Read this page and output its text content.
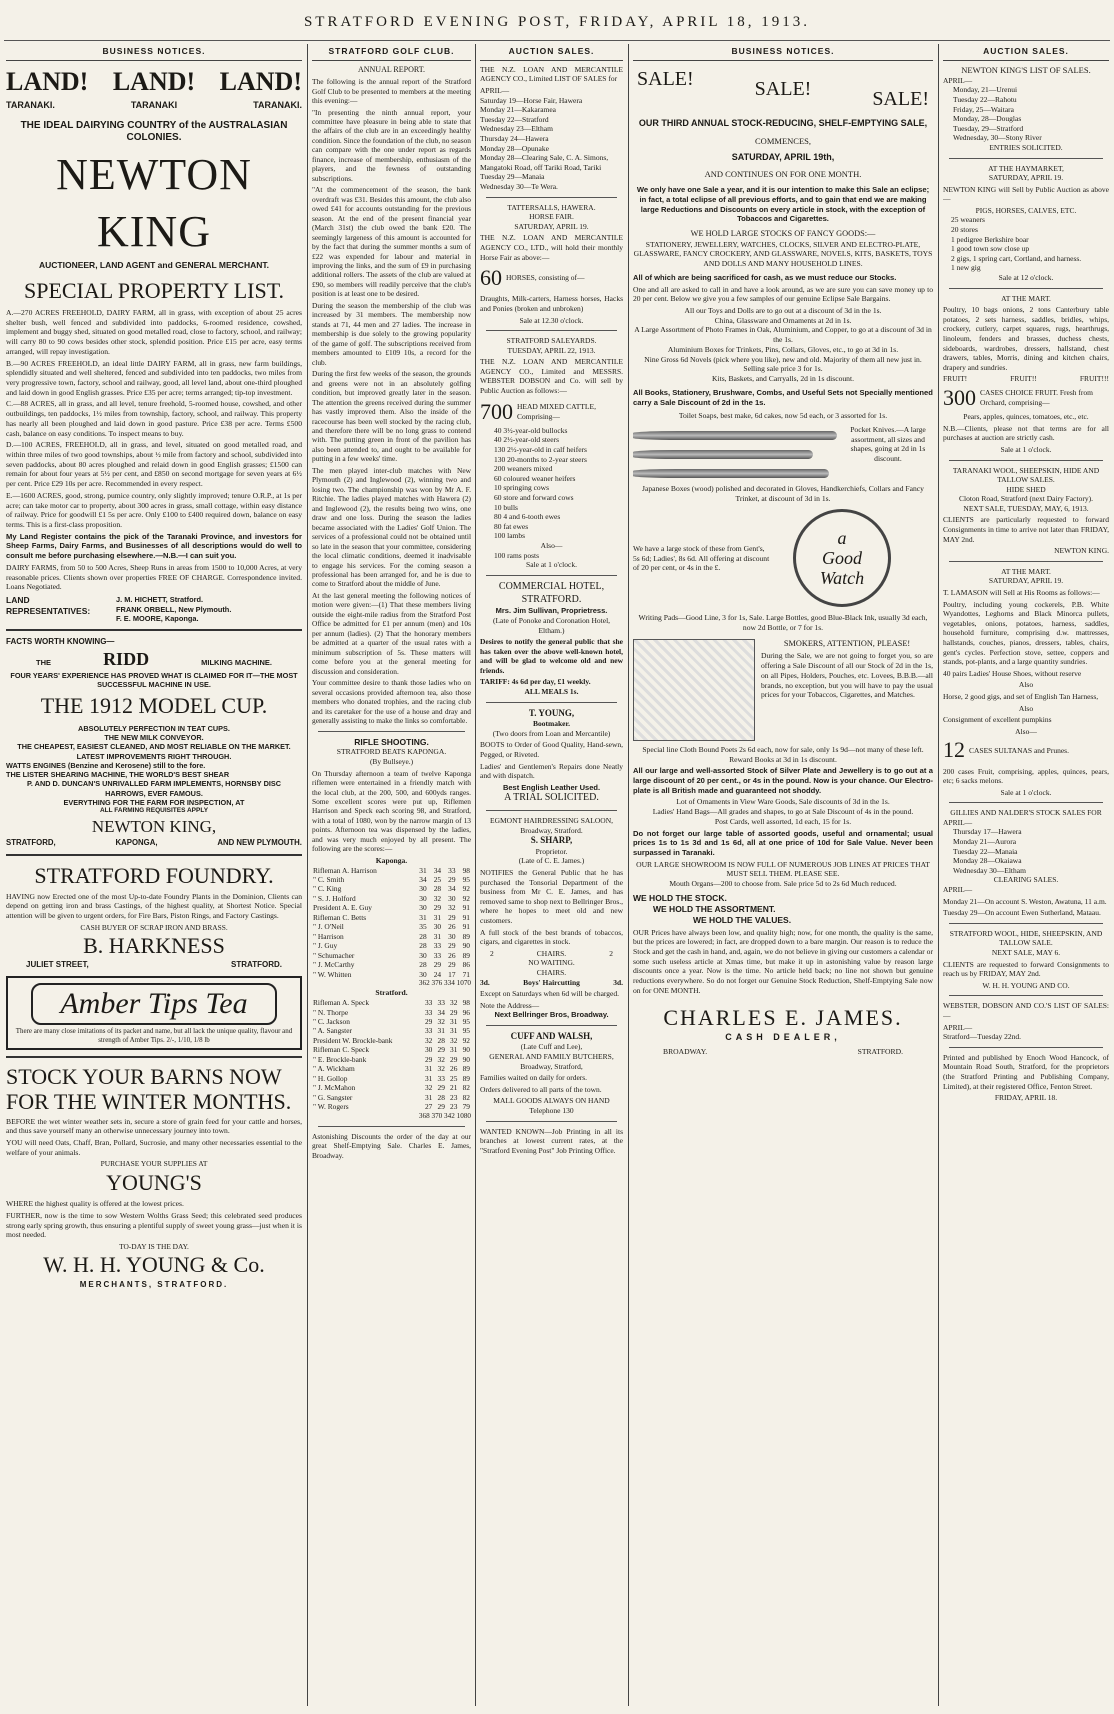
STRATFORD EVENING POST, FRIDAY, APRIL 18, 1913.
BUSINESS NOTICES.
LAND! LAND! LAND!
TARANAKI.	TARANAKI	TARANAKI.
THE IDEAL DAIRYING COUNTRY of the AUSTRALASIAN COLONIES.
NEWTON KING
AUCTIONEER, LAND AGENT and GENERAL MERCHANT.
SPECIAL PROPERTY LIST.
A.—270 ACRES FREEHOLD, DAIRY FARM, all in grass, with exception of about 25 acres shelter bush, well fenced and subdivided into paddocks, 6-roomed residence, cowshed, implement and buggy shed, situated on good metalled road, close to factory, school, and railway; will carry 80 to 90 cows besides other stock, splendid position. Price £15 per acre, easy terms arranged, will repay investigation.
B.—90 ACRES FREEHOLD, an ideal little DAIRY FARM, all in grass, new farm buildings, splendidly situated and well sheltered, fenced and subdivided into ten paddocks, two miles from very progressive town, factory, school and railway, good, all level land, about one-third ploughed and laid down in good English grasses. Price £35 per acre; terms arranged; tip-top investment.
C.—88 ACRES, all in grass, and all level, tenure freehold, 5-roomed house, cowshed, and other outbuildings, ten paddocks, 1½ miles from township, factory, school, and railway. This property has nearly all been ploughed and laid down in good pasture. Price £38 per acre. Terms £500 cash, balance on easy conditions. To inspect means to buy.
D.—100 ACRES, FREEHOLD, all in grass, and level, situated on good metalled road, and within three miles of two good townships, about ½ mile from factory and school, subdivided into seven paddocks, about 80 acres ploughed and relaid down in good English grasses; £1500 can remain for about four years at 5½ per cent, and £850 on second mortgage for seven years at 6½ per cent. Price £29 10s per acre. Recommended in every respect.
E.—1600 ACRES, good, strong, pumice country, only slightly improved; tenure O.R.P., at 1s per acre; can take motor car to property, about 300 acres in grass, small cottage, within easy distance of railway. Price for goodwill £1 5s per acre. Only £100 to £400 required down, balance on easy terms. This is a first-class proposition.
My Land Register contains the pick of the Taranaki Province, and investors for Sheep Farms, Dairy Farms, and Businesses of all descriptions would do well to consult me before purchasing elsewhere.—N.B.—I can suit you.
DAIRY FARMS, from 50 to 500 Acres, Sheep Runs in areas from 1500 to 10,000 Acres, at very reasonable prices. Clients shown over properties FREE OF CHARGE. Correspondence invited. Loans Negotiated.
LAND REPRESENTATIVES:
J. M. HICHETT, Stratford.
FRANK ORBELL, New Plymouth.
F. E. MOORE, Kaponga.
FACTS WORTH KNOWING—
THE	RIDD	MILKING MACHINE.
FOUR YEARS' EXPERIENCE HAS PROVED WHAT IS CLAIMED FOR IT—THE MOST SUCCESSFUL MACHINE IN USE.
THE 1912 MODEL CUP.
ABSOLUTELY PERFECTION IN TEAT CUPS.
THE NEW MILK CONVEYOR.
THE CHEAPEST, EASIEST CLEANED, AND MOST RELIABLE ON THE MARKET.
LATEST IMPROVEMENTS RIGHT THROUGH.
WATTS ENGINES (Benzine and Kerosene) still to the fore.
THE LISTER SHEARING MACHINE, THE WORLD'S BEST SHEAR
P. AND D. DUNCAN'S UNRIVALLED FARM IMPLEMENTS, HORNSBY DISC HARROWS, EVER FAMOUS.
EVERYTHING FOR THE FARM FOR INSPECTION, AT
ALL FARMING REQUISITES APPLY
NEWTON KING,
STRATFORD,	KAPONGA,	AND NEW PLYMOUTH.
STRATFORD FOUNDRY.
HAVING now Erected one of the most Up-to-date Foundry Plants in the Dominion, Clients can depend on getting iron and brass Castings, of the highest quality, at Shortest Notice. Special attention will be given to urgent orders, for Fire Bars, Piston Rings, and Factory Castings.
CASH BUYER OF SCRAP IRON AND BRASS.
B. HARKNESS
JULIET STREET,	STRATFORD.
Amber Tips Tea
There are many close imitations of its packet and name, but all lack the unique quality, flavour and strength of Amber Tips. 2/-, 1/10, 1/8 lb
STOCK YOUR BARNS NOW FOR THE WINTER MONTHS.
BEFORE the wet winter weather sets in, secure a store of grain feed for your cattle and horses, and thus save yourself many an otherwise unnecessary journey into town.
YOU will need Oats, Chaff, Bran, Pollard, Sucrosie, and many other necessaries essential to the welfare of your animals.
PURCHASE YOUR SUPPLIES AT
YOUNG'S
WHERE the highest quality is offered at the lowest prices.
FURTHER, now is the time to sow Western Wolths Grass Seed; this celebrated seed produces strong early spring growth, thus ensuring a plentiful supply of sweet young grass—just when it is most needed.
TO-DAY IS THE DAY.
W. H. H. YOUNG & Co.
MERCHANTS, STRATFORD.
STRATFORD GOLF CLUB.
ANNUAL REPORT.
The following is the annual report of the Stratford Golf Club to be presented to members at the meeting this evening:—
"In presenting the ninth annual report, your committee have pleasure in being able to state that the affairs of the club are in an exceedingly healthy condition. Since the foundation of the club, no season can compare with the one under report as regards finance, increase of membership, enthusiasm of the players, and the fewness of outstanding subscriptions.
"At the commencement of the season, the bank overdraft was £31. Besides this amount, the club also owed £41 for accounts outstanding for the previous season. At the end of the present financial year (March 31st) the club owed the bank £20. The seemingly largeness of this amount is accounted for by the fact that during the summer months a sum of £22 was expended for labour and material in improving the links, and the sum of £9 in purchasing additional rollers. The assets of the club are valued at £90, so members will readily perceive that the club's position is at least one to be desired.
During the season the membership of the club was increased by 31 members. The membership now stands at 71, 44 men and 27 ladies. The increase in membership is due solely to the growing popularity of the game of golf. The subscriptions received from members amounted to £109 10s, a record for the club.
During the first few weeks of the season, the grounds and greens were not in an absolutely golfing condition, but improved greatly later in the season. The attention the greens received during the summer has vastly improved them. Also the inside of the racecourse has been well stocked by the racing club, and therefore there will be no long grass to contend with. The putting green in front of the pavilion has also been attended to, and ought to be available for putting in a few weeks' time.
The men played inter-club matches with New Plymouth (2) and Inglewood (2), winning two and losing two. The championship was won by Mr A. F. Ritchie. The ladies played matches with Hawera (2) and Inglewood (2), the results being two wins, one draw and one loss. During the season the ladies became associated with the Ladies' Golf Union. The services of a professional could not be obtained until so late in the season that your committee, considering the local climatic conditions, deemed it inadvisable to engage his services. For the coming season a professional has been arranged for, and he is due to come to Stratford about the middle of June.
At the last general meeting the following notices of motion were given:—(1) That these members living outside the eight-mile radius from the Stratford Post Office be admitted for £1 per annum (men) and 10s per annum (ladies). (2) That the honorary members be admitted at a quarter of the usual rates with a minimum subscription of 5s. These matters will come before you at the general meeting for discussion and consideration.
Your committee desire to thank those ladies who on several occasions provided afternoon tea, also those members who donated trophies, and the racing club and its caretaker for the use of a house and dray and generally assisting to make the links so comfortable.
RIFLE SHOOTING.
STRATFORD BEATS KAPONGA.
(By Bullseye.)
On Thursday afternoon a team of twelve Kaponga riflemen were entertained in a friendly match with the local club, at the 200, 500, and 600yds ranges. Some excellent scores were put up, Riflemen Harrison and Speck each scoring 98, and Stratford, with a total of 1080, won by the narrow margin of 13 points. Afternoon tea was dispensed by the ladies, and was very much enjoyed by all present. The following are the scores:—
Kaponga.
Rifleman A. Harrison	31	34	33	98
" C. Smith	34	25	29	95
" C. King	30	28	34	92
" S. J. Holford	30	32	30	92
President A. E. Guy	30	29	32	91
Rifleman C. Betts	31	31	29	91
" J. O'Neil	35	30	26	91
" Harrison	28	31	30	89
" J. Guy	28	33	29	90
" Schumacher	30	33	26	89
" J. McCarthy	28	29	29	86
" W. Whitten	30	24	17	71
362 376 334 1070
Stratford.
Rifleman A. Speck	33	33	32	98
" N. Thorpe	33	34	29	96
" C. Jackson	29	32	31	95
" A. Sangster	33	31	31	95
President W. Brockle-bank	32	28	32	92
Rifleman C. Speck	30	29	31	90
" E. Brockle-bank	29	32	29	90
" A. Wickham	31	32	26	89
" H. Gollop	31	33	25	89
" J. McMahon	32	29	21	82
" G. Sangster	31	28	23	82
" W. Rogers	27	29	23	79
368 370 342 1080
Astonishing Discounts the order of the day at our great Shelf-Emptying Sale. Charles E. James, Broadway.
AUCTION SALES.
THE N.Z. LOAN AND MERCANTILE AGENCY CO., Limited LIST OF SALES for
APRIL—
Saturday 19—Horse Fair, Hawera
Monday 21—Kakaramea
Tuesday 22—Stratford
Wednesday 23—Eltham
Thursday 24—Hawera
Monday 28—Opunake
Monday 28—Clearing Sale, C. A. Simons, Mangatoki Road, off Tariki Road, Tariki
Tuesday 29—Manaia
Wednesday 30—Te Wera.
TATTERSALLS, HAWERA.
HORSE FAIR.
SATURDAY, APRIL 19.
THE N.Z. LOAN AND MERCANTILE AGENCY CO., LTD., will hold their monthly Horse Fair as above:—
60 HORSES, consisting of—
Draughts, Milk-carters, Harness horses, Hacks and Ponies (broken and unbroken)
Sale at 12.30 o'clock.
STRATFORD SALEYARDS.
TUESDAY, APRIL 22, 1913.
THE N.Z. LOAN AND MERCANTILE AGENCY CO., Limited and MESSRS. WEBSTER DOBSON and Co. will sell by Public Auction as follows:—
700 HEAD MIXED CATTLE, Comprising—
40 3½-year-old bullocks
40 2½-year-old steers
130 2½-year-old in calf heifers
130 20-months to 2-year steers
200 weaners mixed
60 coloured weaner heifers
10 springing cows
60 store and forward cows
10 bulls
80 4 and 6-tooth ewes
80 fat ewes
100 lambs
Also—
100 rams posts
Sale at 1 o'clock.
COMMERCIAL HOTEL, STRATFORD.
Mrs. Jim Sullivan, Proprietress.
(Late of Ponoke and Coronation Hotel, Eltham.)
Desires to notify the general public that she has taken over the above well-known hotel, and will be glad to welcome old and new friends.
TARIFF: 4s 6d per day, £1 weekly.
ALL MEALS 1s.
T. YOUNG,
Bootmaker.
(Two doors from Loan and Mercantile)
BOOTS to Order of Good Quality, Hand-sewn, Pegged, or Riveted.
Ladies' and Gentlemen's Repairs done Neatly and with dispatch.
Best English Leather Used.
A TRIAL SOLICITED.
EGMONT HAIRDRESSING SALOON,
Broadway, Stratford.
S. SHARP,
Proprietor.
(Late of C. E. James.)
NOTIFIES the General Public that he has purchased the Tonsorial Department of the business from Mr C. E. James, and has removed same to shop next to Bellringer Bros., where he hopes to meet old and new customers.
A full stock of the best brands of tobaccos, cigars, and cigarettes in stock.
2	CHAIRS.	2
NO WAITING.
CHAIRS.
3d.	Boys' Haircutting	3d.
Except on Saturdays when 6d will be charged.
Note the Address—
Next Bellringer Bros, Broadway.
CUFF AND WALSH,
(Late Cuff and Lee),
GENERAL AND FAMILY BUTCHERS,
Broadway, Stratford,
Families waited on daily for orders.
Orders delivered to all parts of the town.
MALL GOODS ALWAYS ON HAND
Telephone 130
WANTED KNOWN—Job Printing in all its branches at lowest current rates, at the "Stratford Evening Post" Job Printing Office.
BUSINESS NOTICES.
SALE!	SALE!	SALE!
OUR THIRD ANNUAL STOCK-REDUCING, SHELF-EMPTYING SALE,
COMMENCES,
SATURDAY, APRIL 19th,
AND CONTINUES ON FOR ONE MONTH.
We only have one Sale a year, and it is our intention to make this Sale an eclipse; in fact, a total eclipse of all previous efforts, and to gain that end we are making large Reductions and Discounts on every article in stock, with the exception of Tobaccos and Cigarettes.
WE HOLD LARGE STOCKS OF FANCY GOODS:—
STATIONERY, JEWELLERY, WATCHES, CLOCKS, SILVER AND ELECTRO-PLATE, GLASSWARE, FANCY CROCKERY, AND GLASSWARE, NOVELS, KITS, BASKETS, TOYS AND DOLLS AND MANY HOUSEHOLD LINES.
All of which are being sacrificed for cash, as we must reduce our Stocks.
One and all are asked to call in and have a look around, as we are sure you can save money up to 20 per cent. Below we give you a few samples of our genuine Eclipse Sale Bargains.
All our Toys and Dolls are to go out at a discount of 3d in the 1s.
China, Glassware and Ornaments at 2d in 1s.
A Large Assortment of Photo Frames in Oak, Aluminium, and Copper, to go at a discount of 3d in the 1s.
Aluminium Boxes for Trinkets, Pins, Collars, Gloves, etc., to go at 3d in 1s.
Nine Gross 6d Novels (pick where you like), new and old. Majority of them all new just in. Selling sale price 3 for 1s.
Kits, Baskets, and Carryalls, 2d in 1s discount.
All Books, Stationery, Brushware, Combs, and Useful Sets not Specially mentioned carry a Sale Discount of 2d in the 1s.
Toilet Soaps, best make, 6d cakes, now 5d each, or 3 assorted for 1s.
Pocket Knives.—A large assortment, all sizes and shapes, going at 2d in 1s discount.
Japanese Boxes (wood) polished and decorated in Gloves, Handkerchiefs, Collars and Fancy Trinket, at discount of 3d in 1s.
We have a large stock of these from Gent's, 5s 6d; Ladies', 8s 6d. All offering at discount of 20 per cent, or 4s in the £.
a
Good
Watch
Writing Pads—Good Line, 3 for 1s, Sale. Large Bottles, good Blue-Black Ink, usually 3d each, now 2d Bottle, or 7 for 1s.
SMOKERS, ATTENTION, PLEASE!
During the Sale, we are not going to forget you, so are offering a Sale Discount of all our Stock of 2d in the 1s, on all Pipes, Holders, Pouches, etc. Lovees, B.B.B.—all brands, no exception, but you will have to pay the usual prices for your Tobaccos, Cigarettes, and Matches.
Special line Cloth Bound Poets 2s 6d each, now for sale, only 1s 9d—not many of these left. Reward Books at 3d in 1s discount.
All our large and well-assorted Stock of Silver Plate and Jewellery is to go out at a large discount of 20 per cent., or 4s in the pound. Now is your chance. Our Electro-plate is all British made and guaranteed not shoddy.
Lot of Ornaments in View Ware Goods, Sale discounts of 3d in the 1s.
Ladies' Hand Bags—All grades and shapes, to go at Sale Discount of 4s in the pound.
Post Cards, well assorted, 1d each, 15 for 1s.
Do not forget our large table of assorted goods, useful and ornamental; usual prices 1s to 1s 3d and 1s 6d, all at one price of 10d for Sale Value. Never been surpassed in Taranaki.
OUR LARGE SHOWROOM IS NOW FULL OF NUMEROUS JOB LINES AT PRICES THAT MUST SELL THEM. PLEASE SEE.
Mouth Organs—200 to choose from. Sale price 5d to 2s 6d Much reduced.
WE HOLD THE STOCK.
WE HOLD THE ASSORTMENT.
WE HOLD THE VALUES.
OUR Prices have always been low, and quality high; now, for one month, the quality is the same, but the prices are lowered; in fact, are dropped down to a bare margin. Our reason is to reduce the Stock and get the cash in hand, and, again, we do not believe in giving our customers a calendar or some such useless article at Xmas time, but make it up in astonishing value by reason large discounts once a year. Now is the time. No article held back; no line not shown but genuine reductions everywhere. So do not forget our Genuine Stock Reduction, Shelf-Emptying Sale now on for ONE MONTH.
CHARLES E. JAMES.
CASH DEALER,
BROADWAY.	STRATFORD.
AUCTION SALES.
NEWTON KING'S LIST OF SALES.
APRIL—
Monday, 21—Urenui
Tuesday 22—Rahotu
Friday, 25—Waitara
Monday, 28—Douglas
Tuesday, 29—Stratford
Wednesday, 30—Stony River
ENTRIES SOLICITED.
AT THE HAYMARKET,
SATURDAY, APRIL 19.
NEWTON KING will Sell by Public Auction as above—
PIGS, HORSES, CALVES, ETC.
25 weaners
20 stores
1 pedigree Berkshire boar
1 good town sow close up
2 gigs, 1 spring cart, Cortland, and harness.
1 new gig
Sale at 12 o'clock.
AT THE MART.
Poultry, 10 bags onions, 2 tons Canterbury table potatoes, 2 sets harness, saddles, bridles, whips, crockery, cutlery, carpet squares, rugs, hearthrugs, linoleum, fenders and brasses, duchess chests, sideboards, wardrobes, dressers, hallstand, chest drawers, tables, Morris, dining and kitchen chairs, drapery and sundries.
FRUIT!	FRUIT!!	FRUIT!!!
300 CASES CHOICE FRUIT. Fresh from Orchard, comprising—
Pears, apples, quinces, tomatoes, etc., etc.
N.B.—Clients, please not that terms are for all purchases at auction are strictly cash.
Sale at 1 o'clock.
TARANAKI WOOL, SHEEPSKIN, HIDE AND TALLOW SALES.
HIDE SHED
Cloton Road, Stratford (next Dairy Factory).
NEXT SALE, TUESDAY, MAY, 6, 1913.
CLIENTS are particularly requested to forward Consignments in time to arrive not later than FRIDAY, MAY 2nd.
NEWTON KING.
AT THE MART.
SATURDAY, APRIL 19.
T. LAMASON will Sell at His Rooms as follows:—
Poultry, including young cockerels, P.B. White Wyandottes, Leghorns and Black Minorca pullets, vegetables, onions, potatoes, harness, saddles, household furniture, comprising d.w. mattresses, hallstands, couches, pianos, dressers, tables, chairs, gent's cycles. Perfection stove, settee, coppers and stands, pot-plants, and a large quantity sundries.
40 pairs Ladies' House Shoes, without reserve
Also
Horse, 2 good gigs, and set of English Tan Harness,
Also
Consignment of excellent pumpkins
Also—
12 CASES SULTANAS and Prunes.
200 cases Fruit, comprising, apples, quinces, pears, etc; 6 sacks melons.
Sale at 1 o'clock.
GILLIES AND NALDER'S STOCK SALES FOR
APRIL—
Thursday 17—Hawera
Monday 21—Aurora
Tuesday 22—Manaia
Monday 28—Okaiawa
Wednesday 30—Eltham
CLEARING SALES.
APRIL—
Monday 21—On account S. Weston, Awatuna, 11 a.m.
Tuesday 29—On account Ewen Sutherland, Mataau.
STRATFORD WOOL, HIDE, SHEEPSKIN, AND TALLOW SALE.
NEXT SALE, MAY 6.
CLIENTS are requested to forward Consignments to reach us by FRIDAY, MAY 2nd.
W. H. H. YOUNG AND CO.
WEBSTER, DOBSON AND CO.'S LIST OF SALES:—
APRIL—
Stratford—Tuesday 22nd.
Printed and published by Enoch Wood Hancock, of Mountain Road South, Stratford, for the proprietors (the Stratford Printing and Publishing Company, Limited), at their registered Office, Fenton Street.
FRIDAY, APRIL 18.
